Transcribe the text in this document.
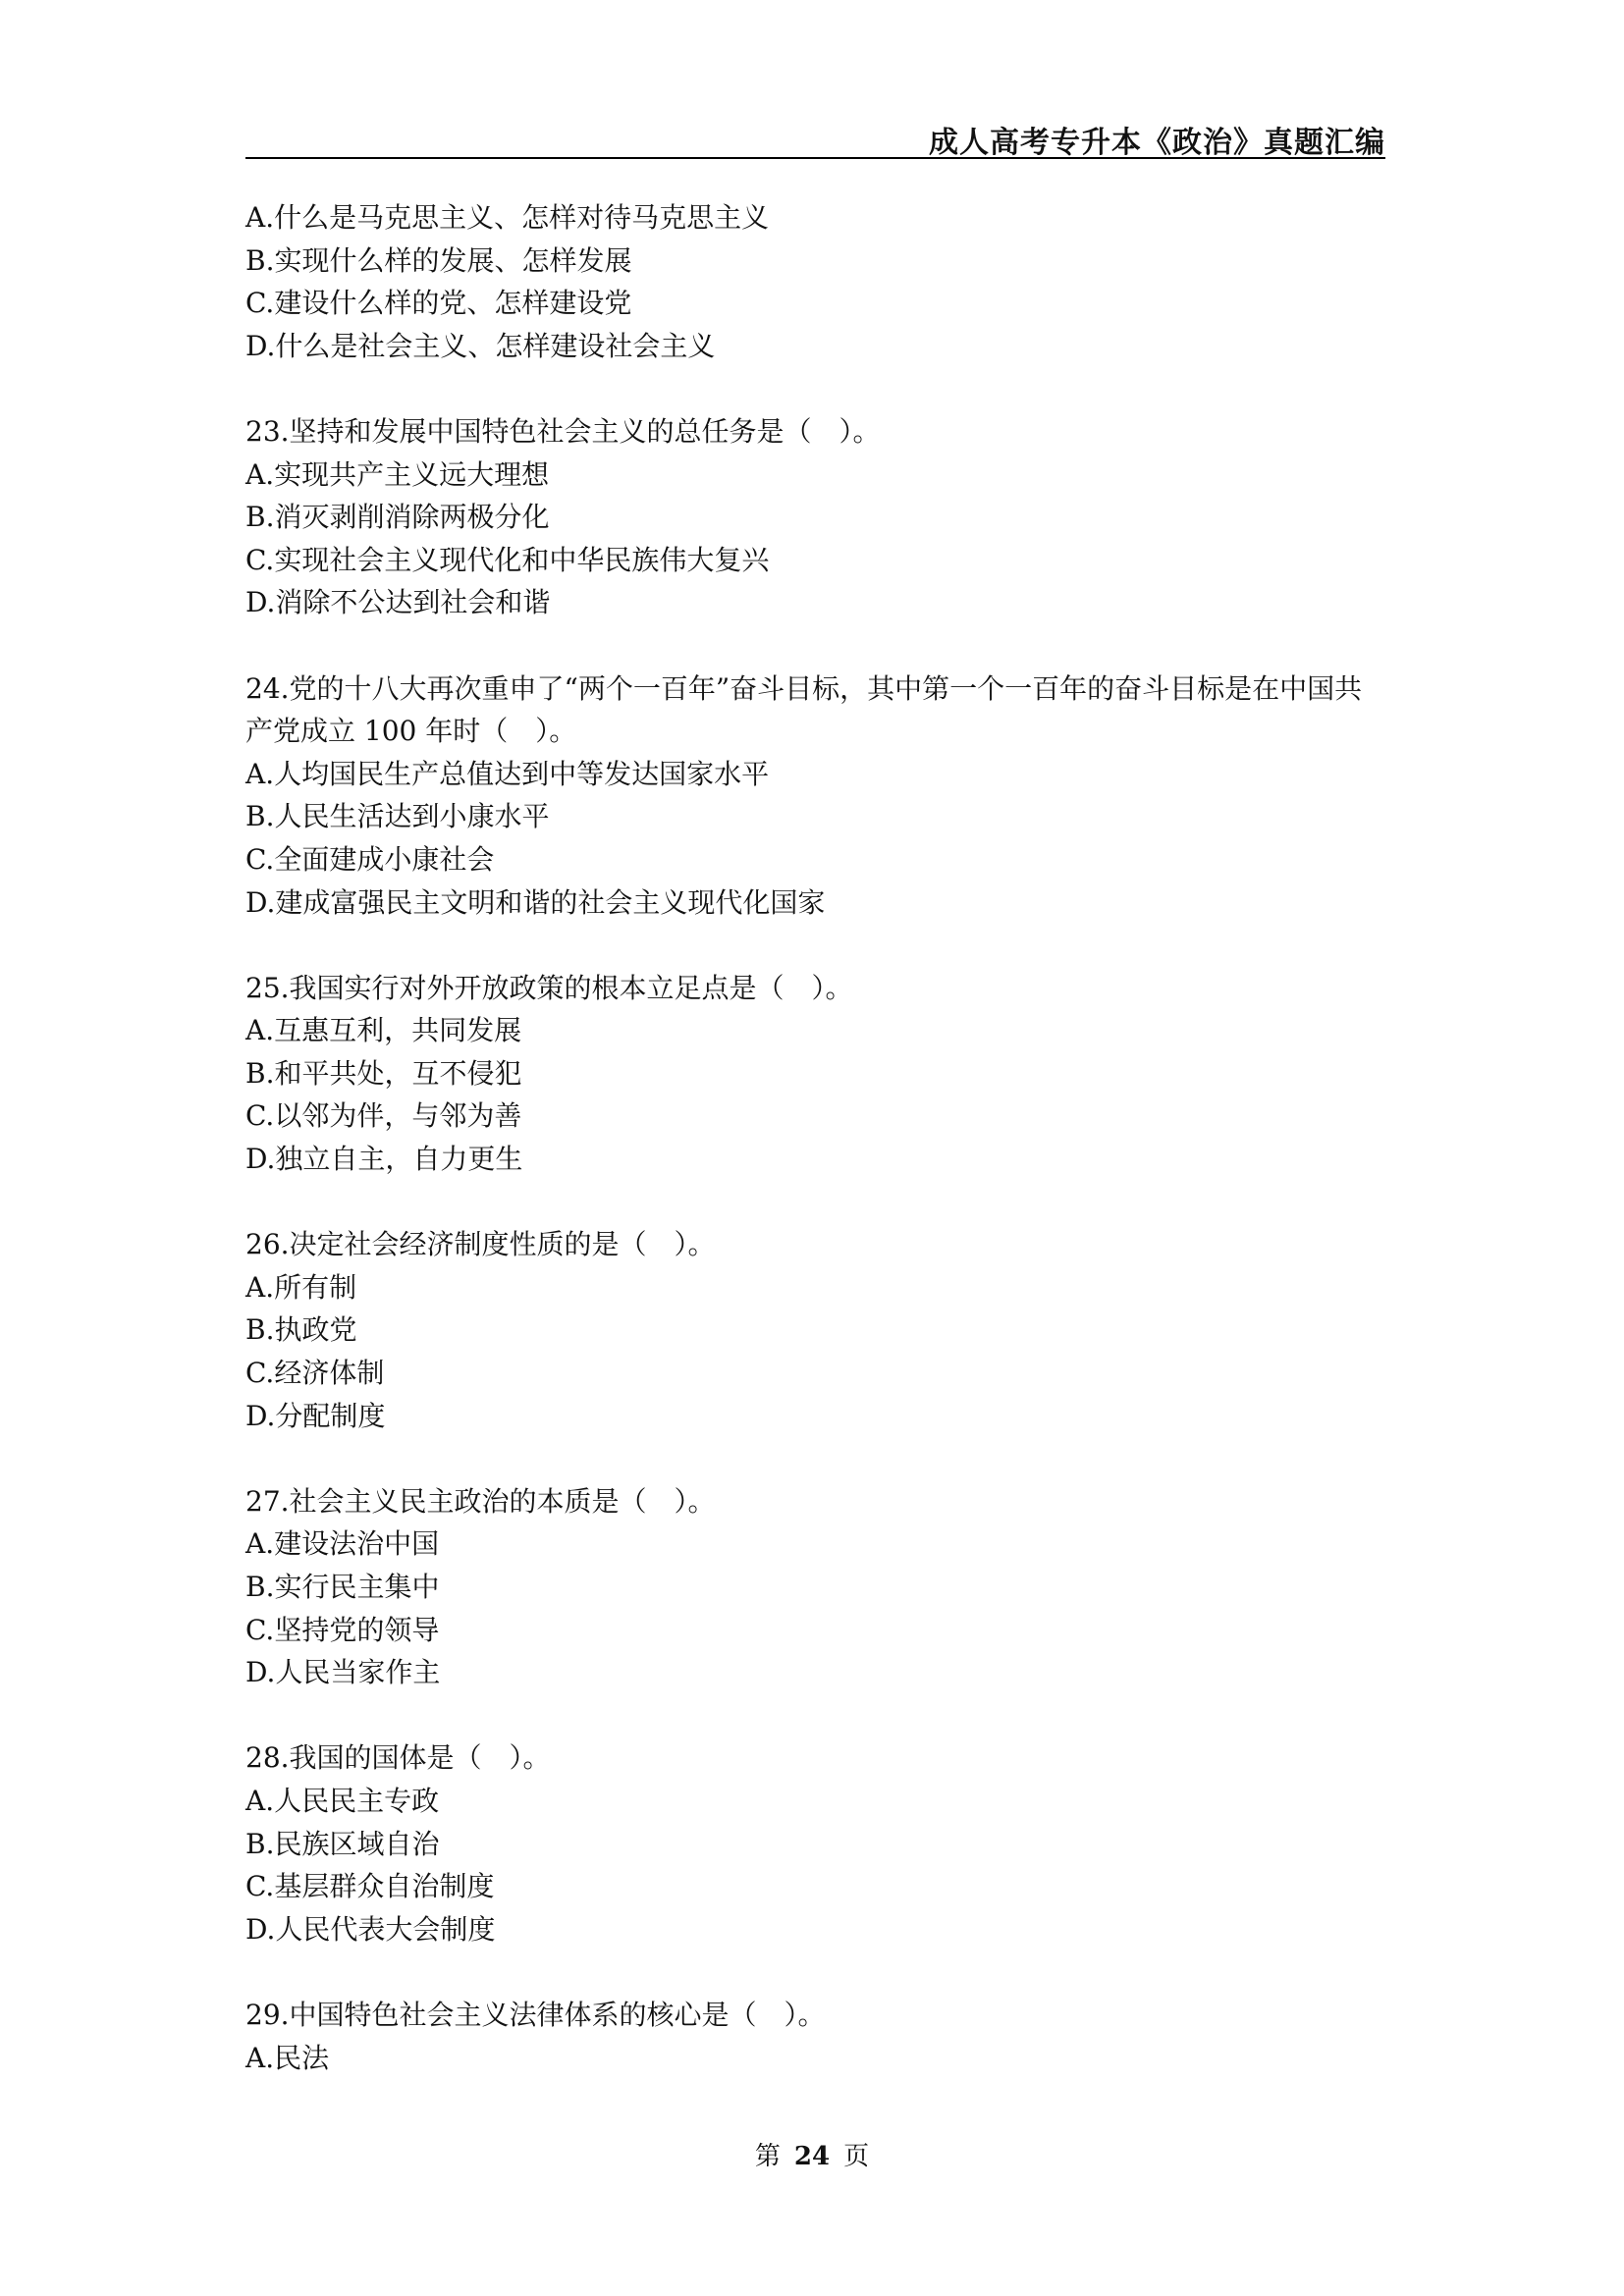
成人高考专升本《政治》真题汇编
A.什么是马克思主义、怎样对待马克思主义
B.实现什么样的发展、怎样发展
C.建设什么样的党、怎样建设党
D.什么是社会主义、怎样建设社会主义
23.坚持和发展中国特色社会主义的总任务是（　）。
A.实现共产主义远大理想
B.消灭剥削消除两极分化
C.实现社会主义现代化和中华民族伟大复兴
D.消除不公达到社会和谐
24.党的十八大再次重申了“两个一百年”奋斗目标，其中第一个一百年的奋斗目标是在中国共产党成立 100 年时（　）。
A.人均国民生产总值达到中等发达国家水平
B.人民生活达到小康水平
C.全面建成小康社会
D.建成富强民主文明和谐的社会主义现代化国家
25.我国实行对外开放政策的根本立足点是（　）。
A.互惠互利，共同发展
B.和平共处，互不侵犯
C.以邻为伴，与邻为善
D.独立自主，自力更生
26.决定社会经济制度性质的是（　）。
A.所有制
B.执政党
C.经济体制
D.分配制度
27.社会主义民主政治的本质是（　）。
A.建设法治中国
B.实行民主集中
C.坚持党的领导
D.人民当家作主
28.我国的国体是（　）。
A.人民民主专政
B.民族区域自治
C.基层群众自治制度
D.人民代表大会制度
29.中国特色社会主义法律体系的核心是（　）。
A.民法
第 24 页
